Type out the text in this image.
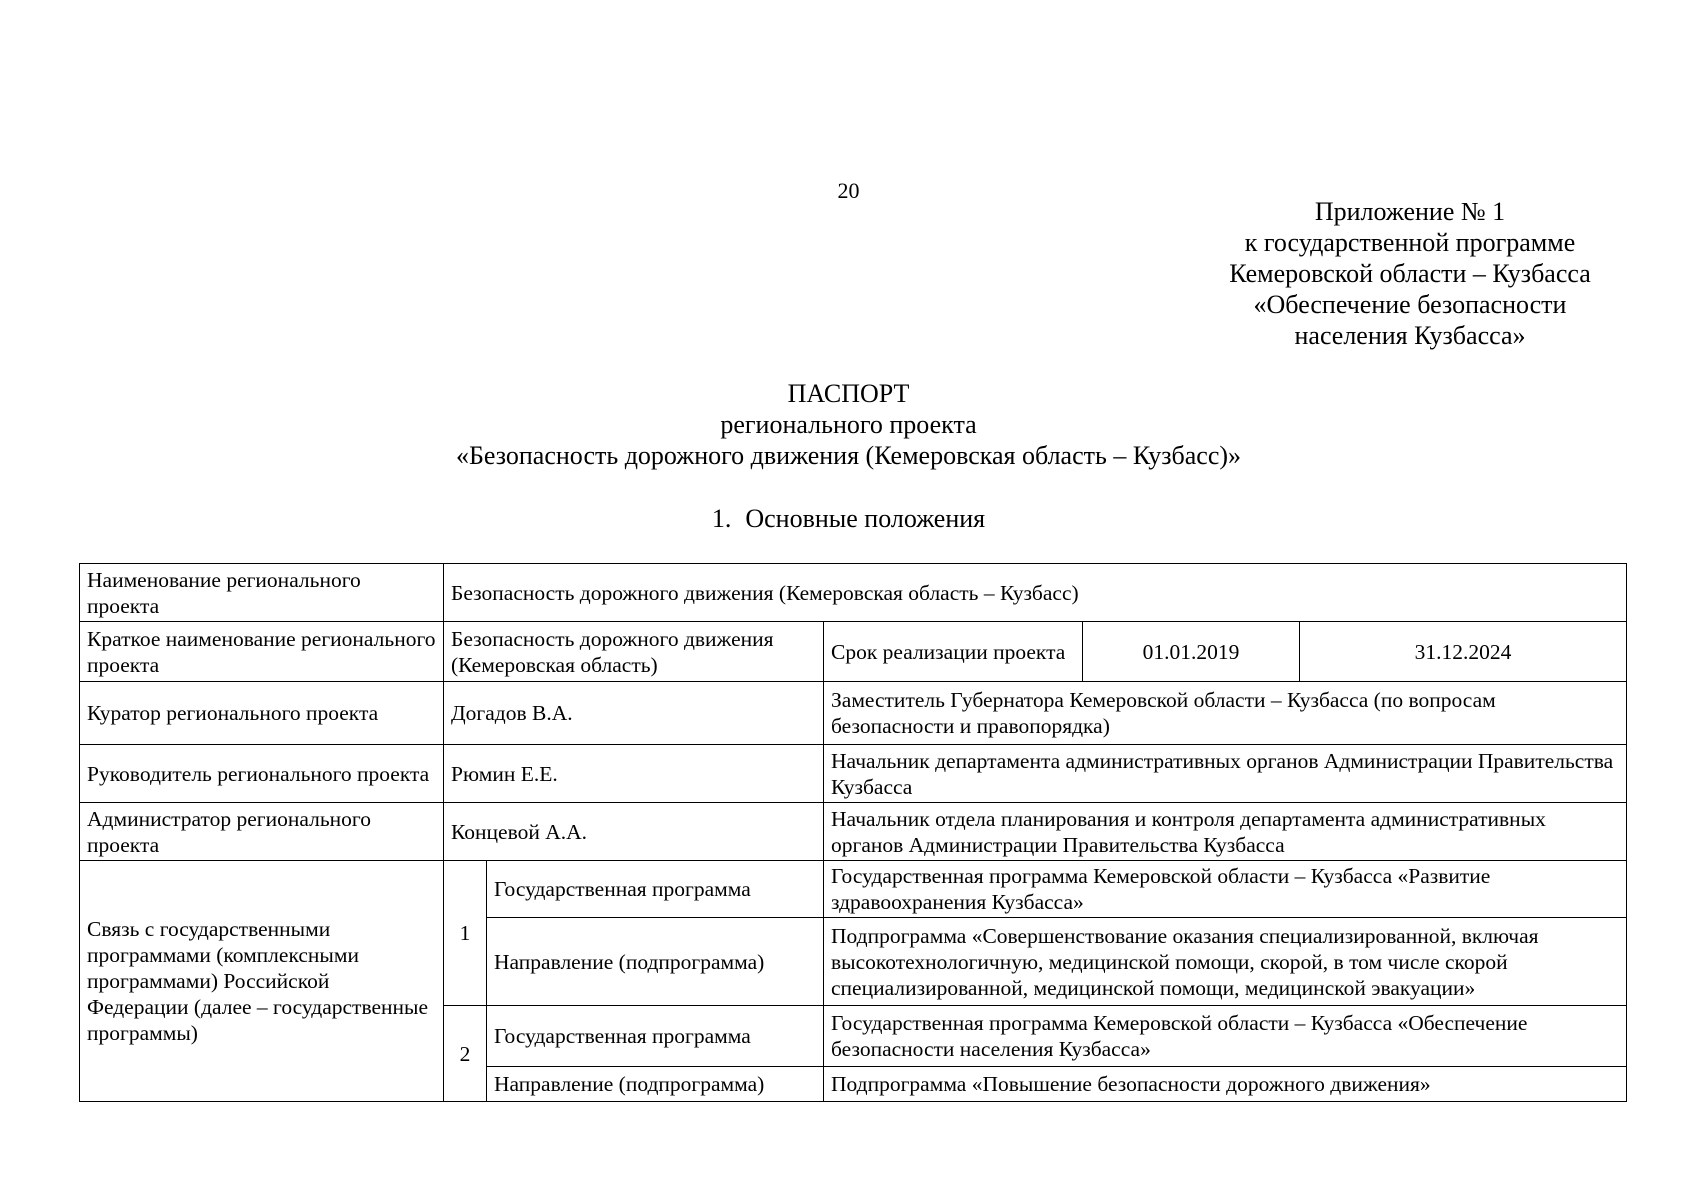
20
Приложение № 1
к государственной программе
Кемеровской области – Кузбасса
«Обеспечение безопасности
населения Кузбасса»
ПАСПОРТ
регионального проекта
«Безопасность дорожного движения (Кемеровская область – Кузбасс)»
1. Основные положения
Наименование регионального проекта	Безопасность дорожного движения (Кемеровская область – Кузбасс)				
Краткое наименование регионального проекта	Безопасность дорожного движения (Кемеровская область)		Срок реализации проекта	01.01.2019	31.12.2024
Куратор регионального проекта	Догадов В.А.		Заместитель Губернатора Кемеровской области – Кузбасса (по вопросам безопасности и правопорядка)		
Руководитель регионального проекта	Рюмин Е.Е.		Начальник департамента административных органов Администрации Правительства Кузбасса		
Администратор регионального проекта	Концевой А.А.		Начальник отдела планирования и контроля департамента административных органов Администрации Правительства Кузбасса		
Связь с государственными программами (комплексными программами) Российской Федерации (далее – государственные программы)	1	Государственная программа	Государственная программа Кемеровской области – Кузбасса «Развитие здравоохранения Кузбасса»		
		Направление (подпрограмма)	Подпрограмма «Совершенствование оказания специализированной, включая высокотехнологичную, медицинской помощи, скорой, в том числе скорой специализированной, медицинской помощи, медицинской эвакуации»		
	2	Государственная программа	Государственная программа Кемеровской области – Кузбасса «Обеспечение безопасности населения Кузбасса»		
		Направление (подпрограмма)	Подпрограмма «Повышение безопасности дорожного движения»		
